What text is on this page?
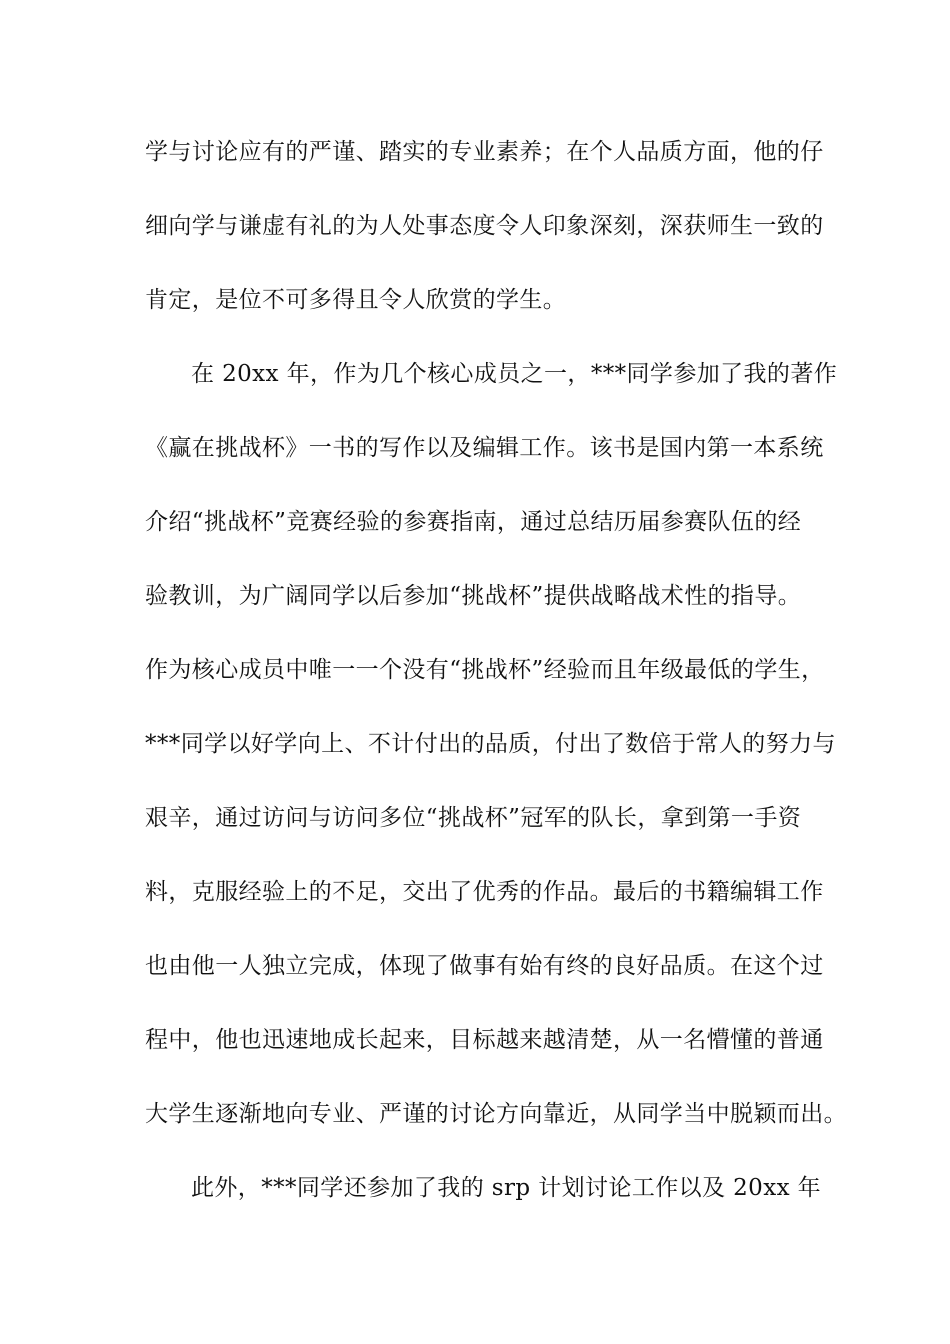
学与讨论应有的严谨、踏实的专业素养；在个人品质方面，他的仔
细向学与谦虚有礼的为人处事态度令人印象深刻，深获师生一致的
肯定，是位不可多得且令人欣赏的学生。
在 20xx 年，作为几个核心成员之一，***同学参加了我的著作
《赢在挑战杯》一书的写作以及编辑工作。该书是国内第一本系统
介绍“挑战杯”竞赛经验的参赛指南，通过总结历届参赛队伍的经
验教训，为广阔同学以后参加“挑战杯”提供战略战术性的指导。
作为核心成员中唯一一个没有“挑战杯”经验而且年级最低的学生，
***同学以好学向上、不计付出的品质，付出了数倍于常人的努力与
艰辛，通过访问与访问多位“挑战杯”冠军的队长，拿到第一手资
料，克服经验上的不足，交出了优秀的作品。最后的书籍编辑工作
也由他一人独立完成，体现了做事有始有终的良好品质。在这个过
程中，他也迅速地成长起来，目标越来越清楚，从一名懵懂的普通
大学生逐渐地向专业、严谨的讨论方向靠近，从同学当中脱颖而出。
此外，***同学还参加了我的 srp 计划讨论工作以及 20xx 年
